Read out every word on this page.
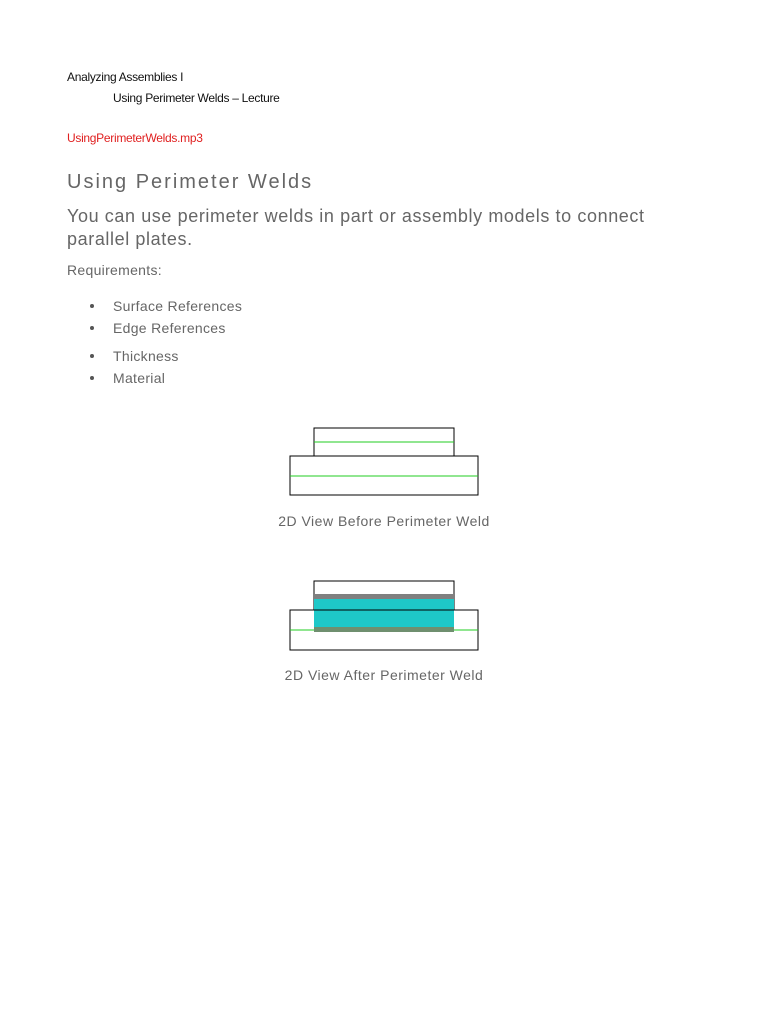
Analyzing Assemblies I
Using Perimeter Welds – Lecture
UsingPerimeterWelds.mp3
Using Perimeter Welds

You can use perimeter welds in part or assembly models to connect parallel plates.

Requirements:
Surface References
Edge References
Thickness
Material
2D View Before Perimeter Weld
2D View After Perimeter Weld
